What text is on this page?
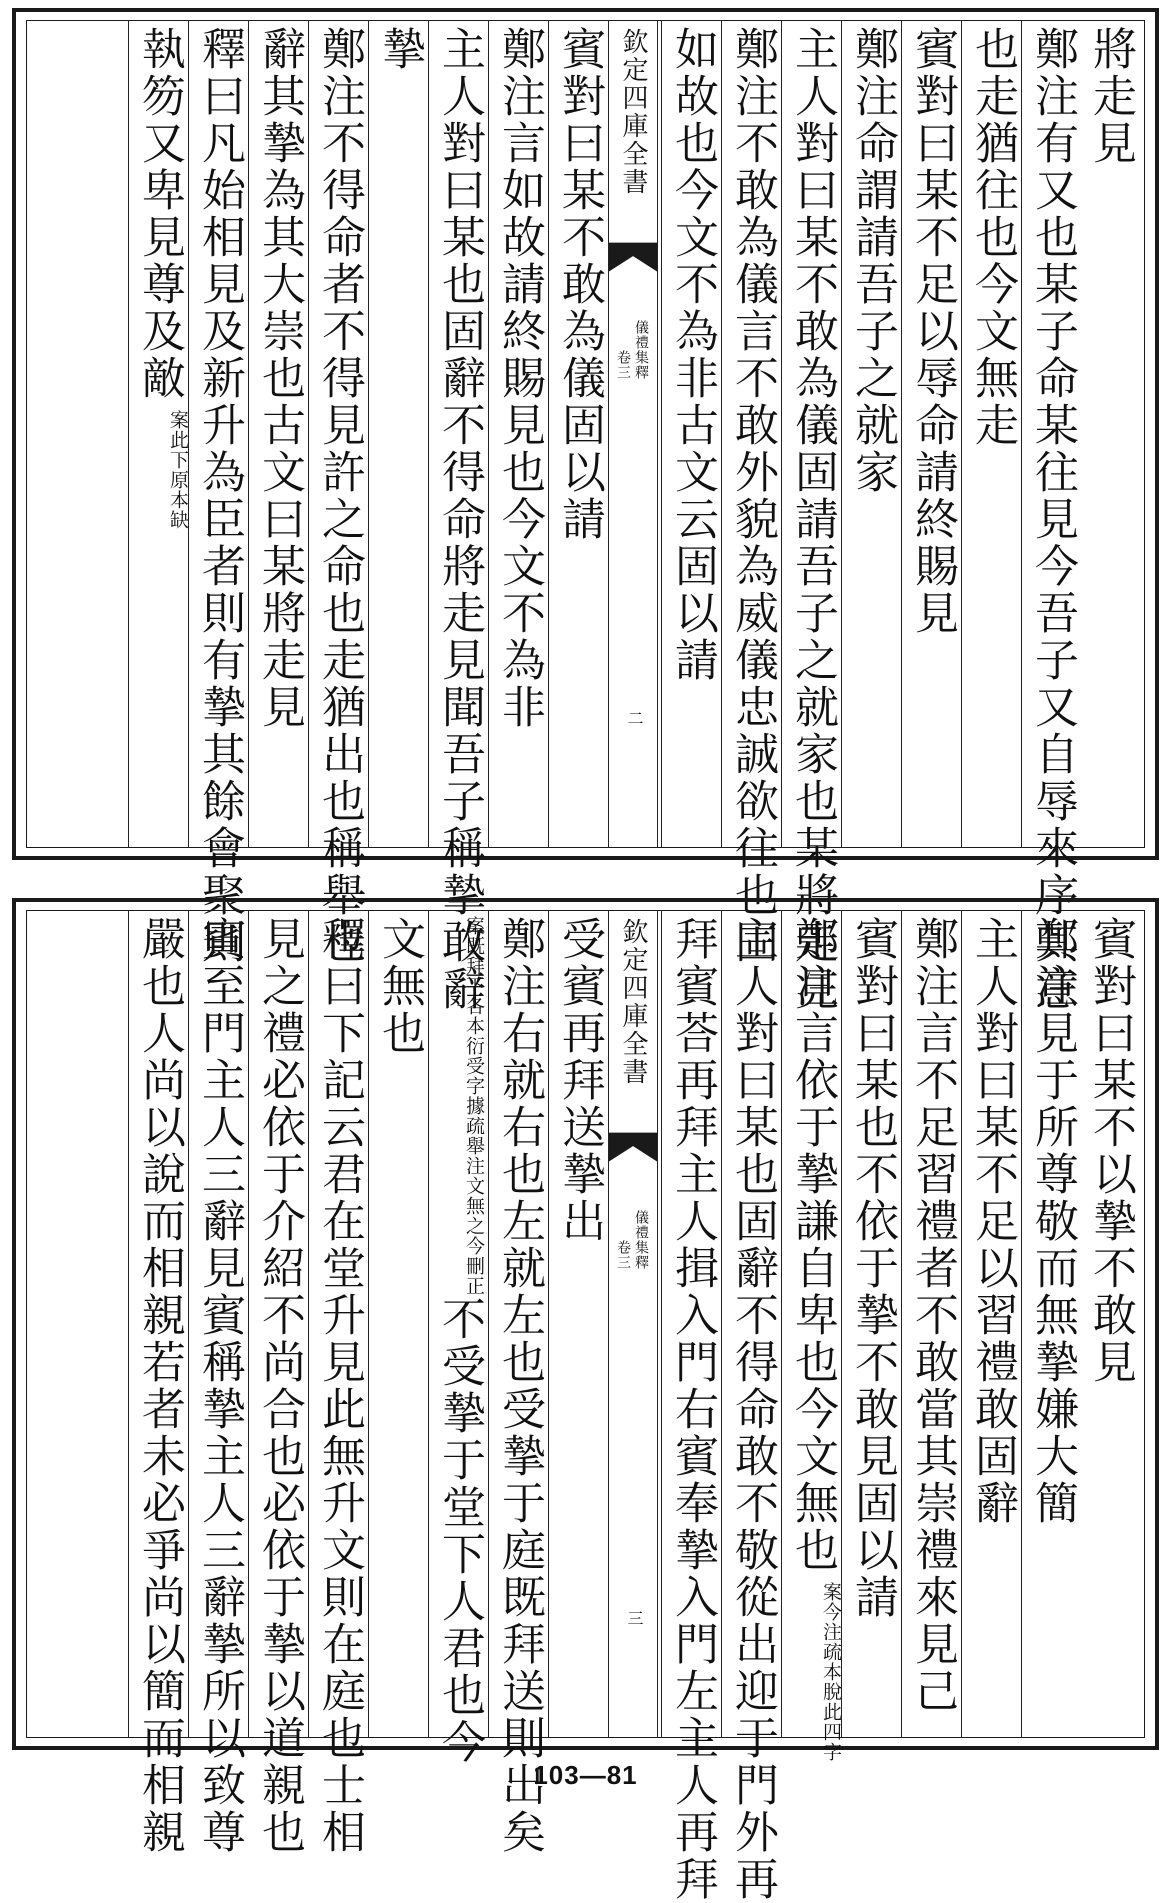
將走見
鄭注有又也某子命某往見今吾子又自辱來序其意
也走猶往也今文無走
賓對曰某不足以辱命請終賜見
鄭注命謂請吾子之就家
主人對曰某不敢為儀固請吾子之就家也某將走見
鄭注不敢為儀言不敢外貌為威儀忠誠欲往也固
如故也今文不為非古文云固以請
欽定四庫全書
儀禮集釋
卷三
二
賓對曰某不敢為儀固以請
鄭注言如故請終賜見也今文不為非
主人對曰某也固辭不得命將走見聞吾子稱摯敢辭
摯
鄭注不得命者不得見許之命也走猶出也稱舉也
辭其摯為其大崇也古文曰某將走見
釋曰凡始相見及新升為臣者則有摯其餘會聚則
執笏又卑見尊及敵
案此下原本缺
賓對曰某不以摯不敢見
鄭注見于所尊敬而無摯嫌大簡
主人對曰某不足以習禮敢固辭
鄭注言不足習禮者不敢當其崇禮來見己
賓對曰某也不依于摯不敢見固以請
鄭注言依于摯謙自卑也今文無也
案今注疏本脫此四字
主人對曰某也固辭不得命敢不敬從出迎于門外再
拜賓荅再拜主人揖入門右賓奉摯入門左主人再拜
欽定四庫全書
儀禮集釋
卷三
三
受賓再拜送摯出
鄭注右就右也左就左也受摯于庭既拜送則出矣
案既拜下各本衍受字據疏舉注文無之今刪正
不受摯于堂下人君也今
文無也
釋曰下記云君在堂升見此無升文則在庭也士相
見之禮必依于介紹不尚合也必依于摯以道親也
賓至門主人三辭見賓稱摯主人三辭摯所以致尊
嚴也人尚以說而相親若者未必爭尚以簡而相親	103—81
